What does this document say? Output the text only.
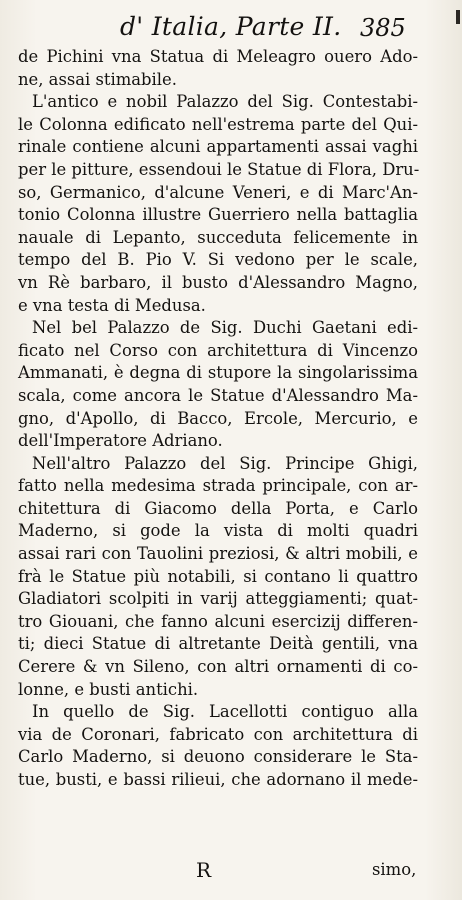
d' Italia, Parte II. 385
de Pichini vna Statua di Meleagro ouero Ado-
ne, assai stimabile.
L'antico e nobil Palazzo del Sig. Contestabi-
le Colonna edificato nell'estrema parte del Qui-
rinale contiene alcuni appartamenti assai vaghi
per le pitture, essendoui le Statue di Flora, Dru-
so, Germanico, d'alcune Veneri, e di Marc'An-
tonio Colonna illustre Guerriero nella battaglia
nauale di Lepanto, succeduta felicemente in
tempo del B. Pio V. Si vedono per le scale,
vn Rè barbaro, il busto d'Alessandro Magno,
e vna testa di Medusa.
Nel bel Palazzo de Sig. Duchi Gaetani edi-
ficato nel Corso con architettura di Vincenzo
Ammanati, è degna di stupore la singolarissima
scala, come ancora le Statue d'Alessandro Ma-
gno, d'Apollo, di Bacco, Ercole, Mercurio, e
dell'Imperatore Adriano.
Nell'altro Palazzo del Sig. Principe Ghigi,
fatto nella medesima strada principale, con ar-
chitettura di Giacomo della Porta, e Carlo
Maderno, si gode la vista di molti quadri
assai rari con Tauolini preziosi, & altri mobili, e
frà le Statue più notabili, si contano li quattro
Gladiatori scolpiti in varij atteggiamenti; quat-
tro Giouani, che fanno alcuni esercizij differen-
ti; dieci Statue di altretante Deità gentili, vna
Cerere & vn Sileno, con altri ornamenti di co-
lonne, e busti antichi.
In quello de Sig. Lacellotti contiguo alla
via de Coronari, fabricato con architettura di
Carlo Maderno, si deuono considerare le Sta-
tue, busti, e bassi rilieui, che adornano il mede-
R	simo,
